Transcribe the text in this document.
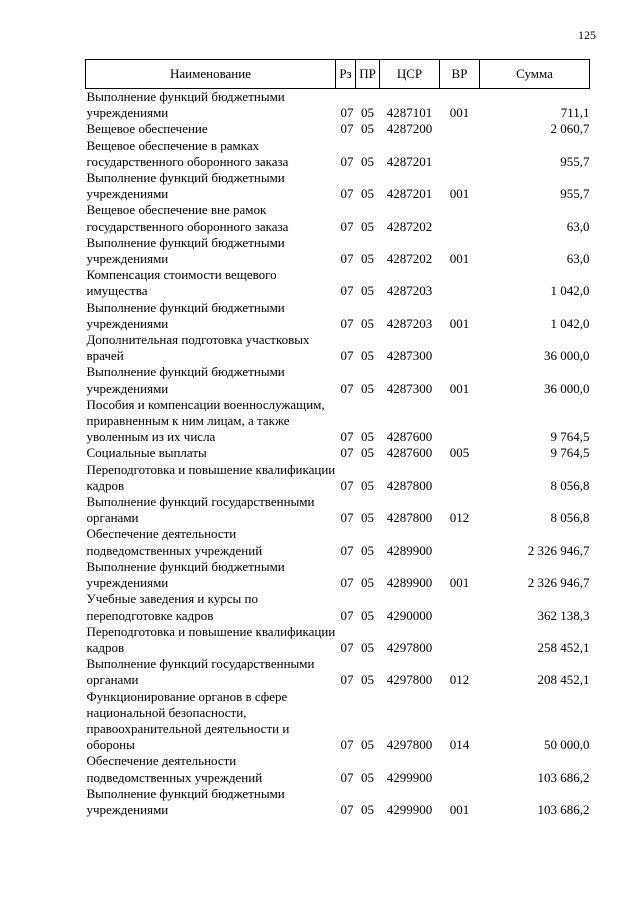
125
Наименование	Рз	ПР	ЦСР	ВР	Сумма
Выполнение функций бюджетными учреждениями	07	05	4287101	001	711,1
Вещевое обеспечение	07	05	4287200		2 060,7
Вещевое обеспечение в рамках государственного оборонного заказа	07	05	4287201		955,7
Выполнение функций бюджетными учреждениями	07	05	4287201	001	955,7
Вещевое обеспечение вне рамок государственного оборонного заказа	07	05	4287202		63,0
Выполнение функций бюджетными учреждениями	07	05	4287202	001	63,0
Компенсация стоимости вещевого имущества	07	05	4287203		1 042,0
Выполнение функций бюджетными учреждениями	07	05	4287203	001	1 042,0
Дополнительная подготовка участковых врачей	07	05	4287300		36 000,0
Выполнение функций бюджетными учреждениями	07	05	4287300	001	36 000,0
Пособия и компенсации военнослужащим, приравненным к ним лицам, а также уволенным из их числа	07	05	4287600		9 764,5
Социальные выплаты	07	05	4287600	005	9 764,5
Переподготовка и повышение квалификации кадров	07	05	4287800		8 056,8
Выполнение функций государственными органами	07	05	4287800	012	8 056,8
Обеспечение деятельности подведомственных учреждений	07	05	4289900		2 326 946,7
Выполнение функций бюджетными учреждениями	07	05	4289900	001	2 326 946,7
Учебные заведения и курсы по переподготовке кадров	07	05	4290000		362 138,3
Переподготовка и повышение квалификации кадров	07	05	4297800		258 452,1
Выполнение функций государственными органами	07	05	4297800	012	208 452,1
Функционирование органов в сфере национальной безопасности, правоохранительной деятельности и обороны	07	05	4297800	014	50 000,0
Обеспечение деятельности подведомственных учреждений	07	05	4299900		103 686,2
Выполнение функций бюджетными учреждениями	07	05	4299900	001	103 686,2
